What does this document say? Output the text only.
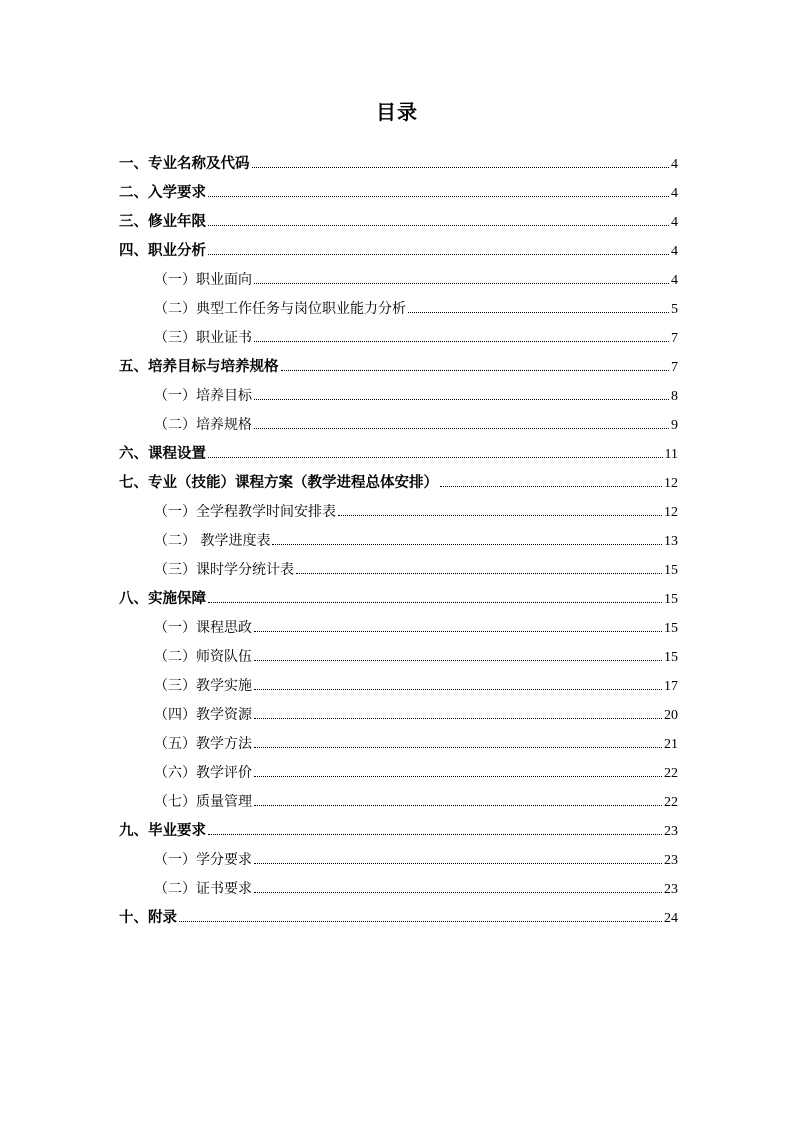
目录
一、专业名称及代码	4
二、入学要求	4
三、修业年限	4
四、职业分析	4
（一）职业面向	4
（二）典型工作任务与岗位职业能力分析	5
（三）职业证书	7
五、培养目标与培养规格	7
（一）培养目标	8
（二）培养规格	9
六、课程设置	11
七、专业（技能）课程方案（教学进程总体安排）	12
（一）全学程教学时间安排表	12
（二） 教学进度表	13
（三）课时学分统计表	15
八、实施保障	15
（一）课程思政	15
（二）师资队伍	15
（三）教学实施	17
（四）教学资源	20
（五）教学方法	21
（六）教学评价	22
（七）质量管理	22
九、毕业要求	23
（一）学分要求	23
（二）证书要求	23
十、附录	24
